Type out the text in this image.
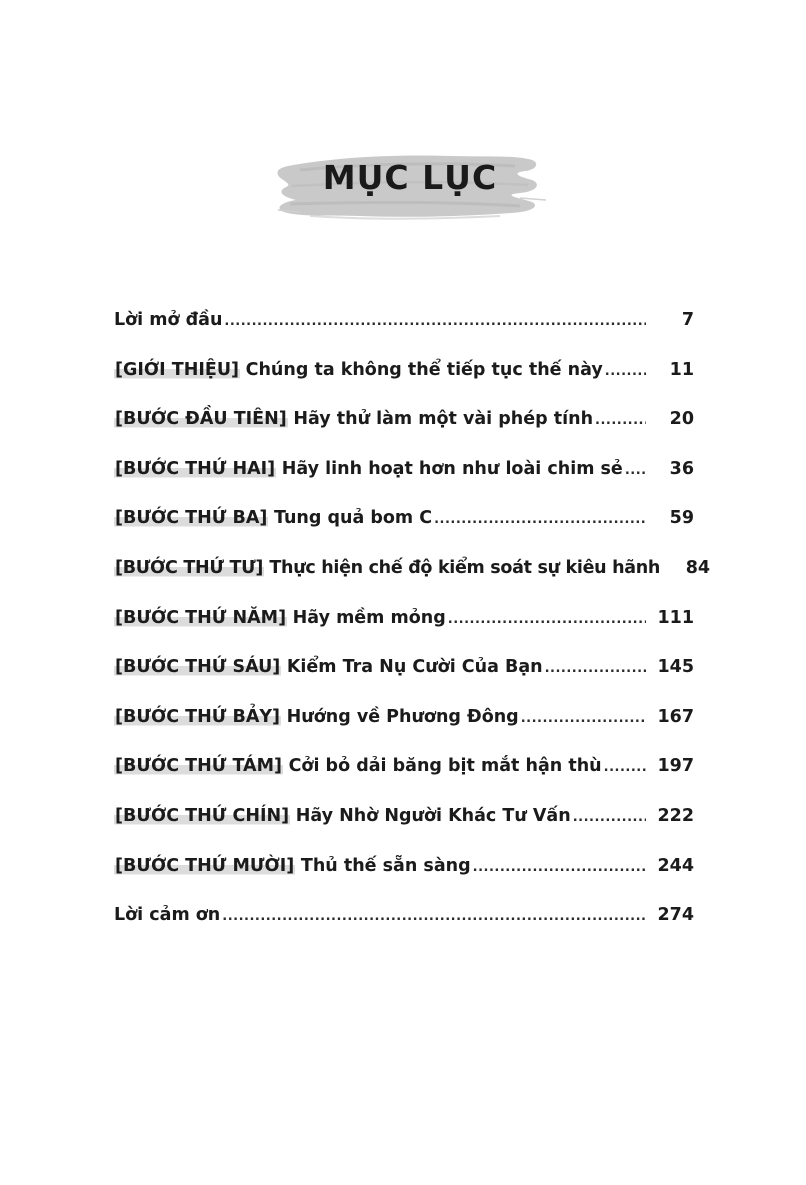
MỤC LỤC
Lời mở đầu .....	7
[GIỚI THIỆU] Chúng ta không thể tiếp tục thế này .....	11
[BƯỚC ĐẦU TIÊN] Hãy thử làm một vài phép tính .....	20
[BƯỚC THỨ HAI] Hãy linh hoạt hơn như loài chim sẻ .....	36
[BƯỚC THỨ BA] Tung quả bom C .....	59
[BƯỚC THỨ TƯ] Thực hiện chế độ kiểm soát sự kiêu hãnh	84
[BƯỚC THỨ NĂM] Hãy mềm mỏng .....	111
[BƯỚC THỨ SÁU] Kiểm Tra Nụ Cười Của Bạn .....	145
[BƯỚC THỨ BẢY] Hướng về Phương Đông .....	167
[BƯỚC THỨ TÁM] Cởi bỏ dải băng bịt mắt hận thù .....	197
[BƯỚC THỨ CHÍN] Hãy Nhờ Người Khác Tư Vấn .....	222
[BƯỚC THỨ MƯỜI] Thủ thế sẵn sàng .....	244
Lời cảm ơn .....	274
